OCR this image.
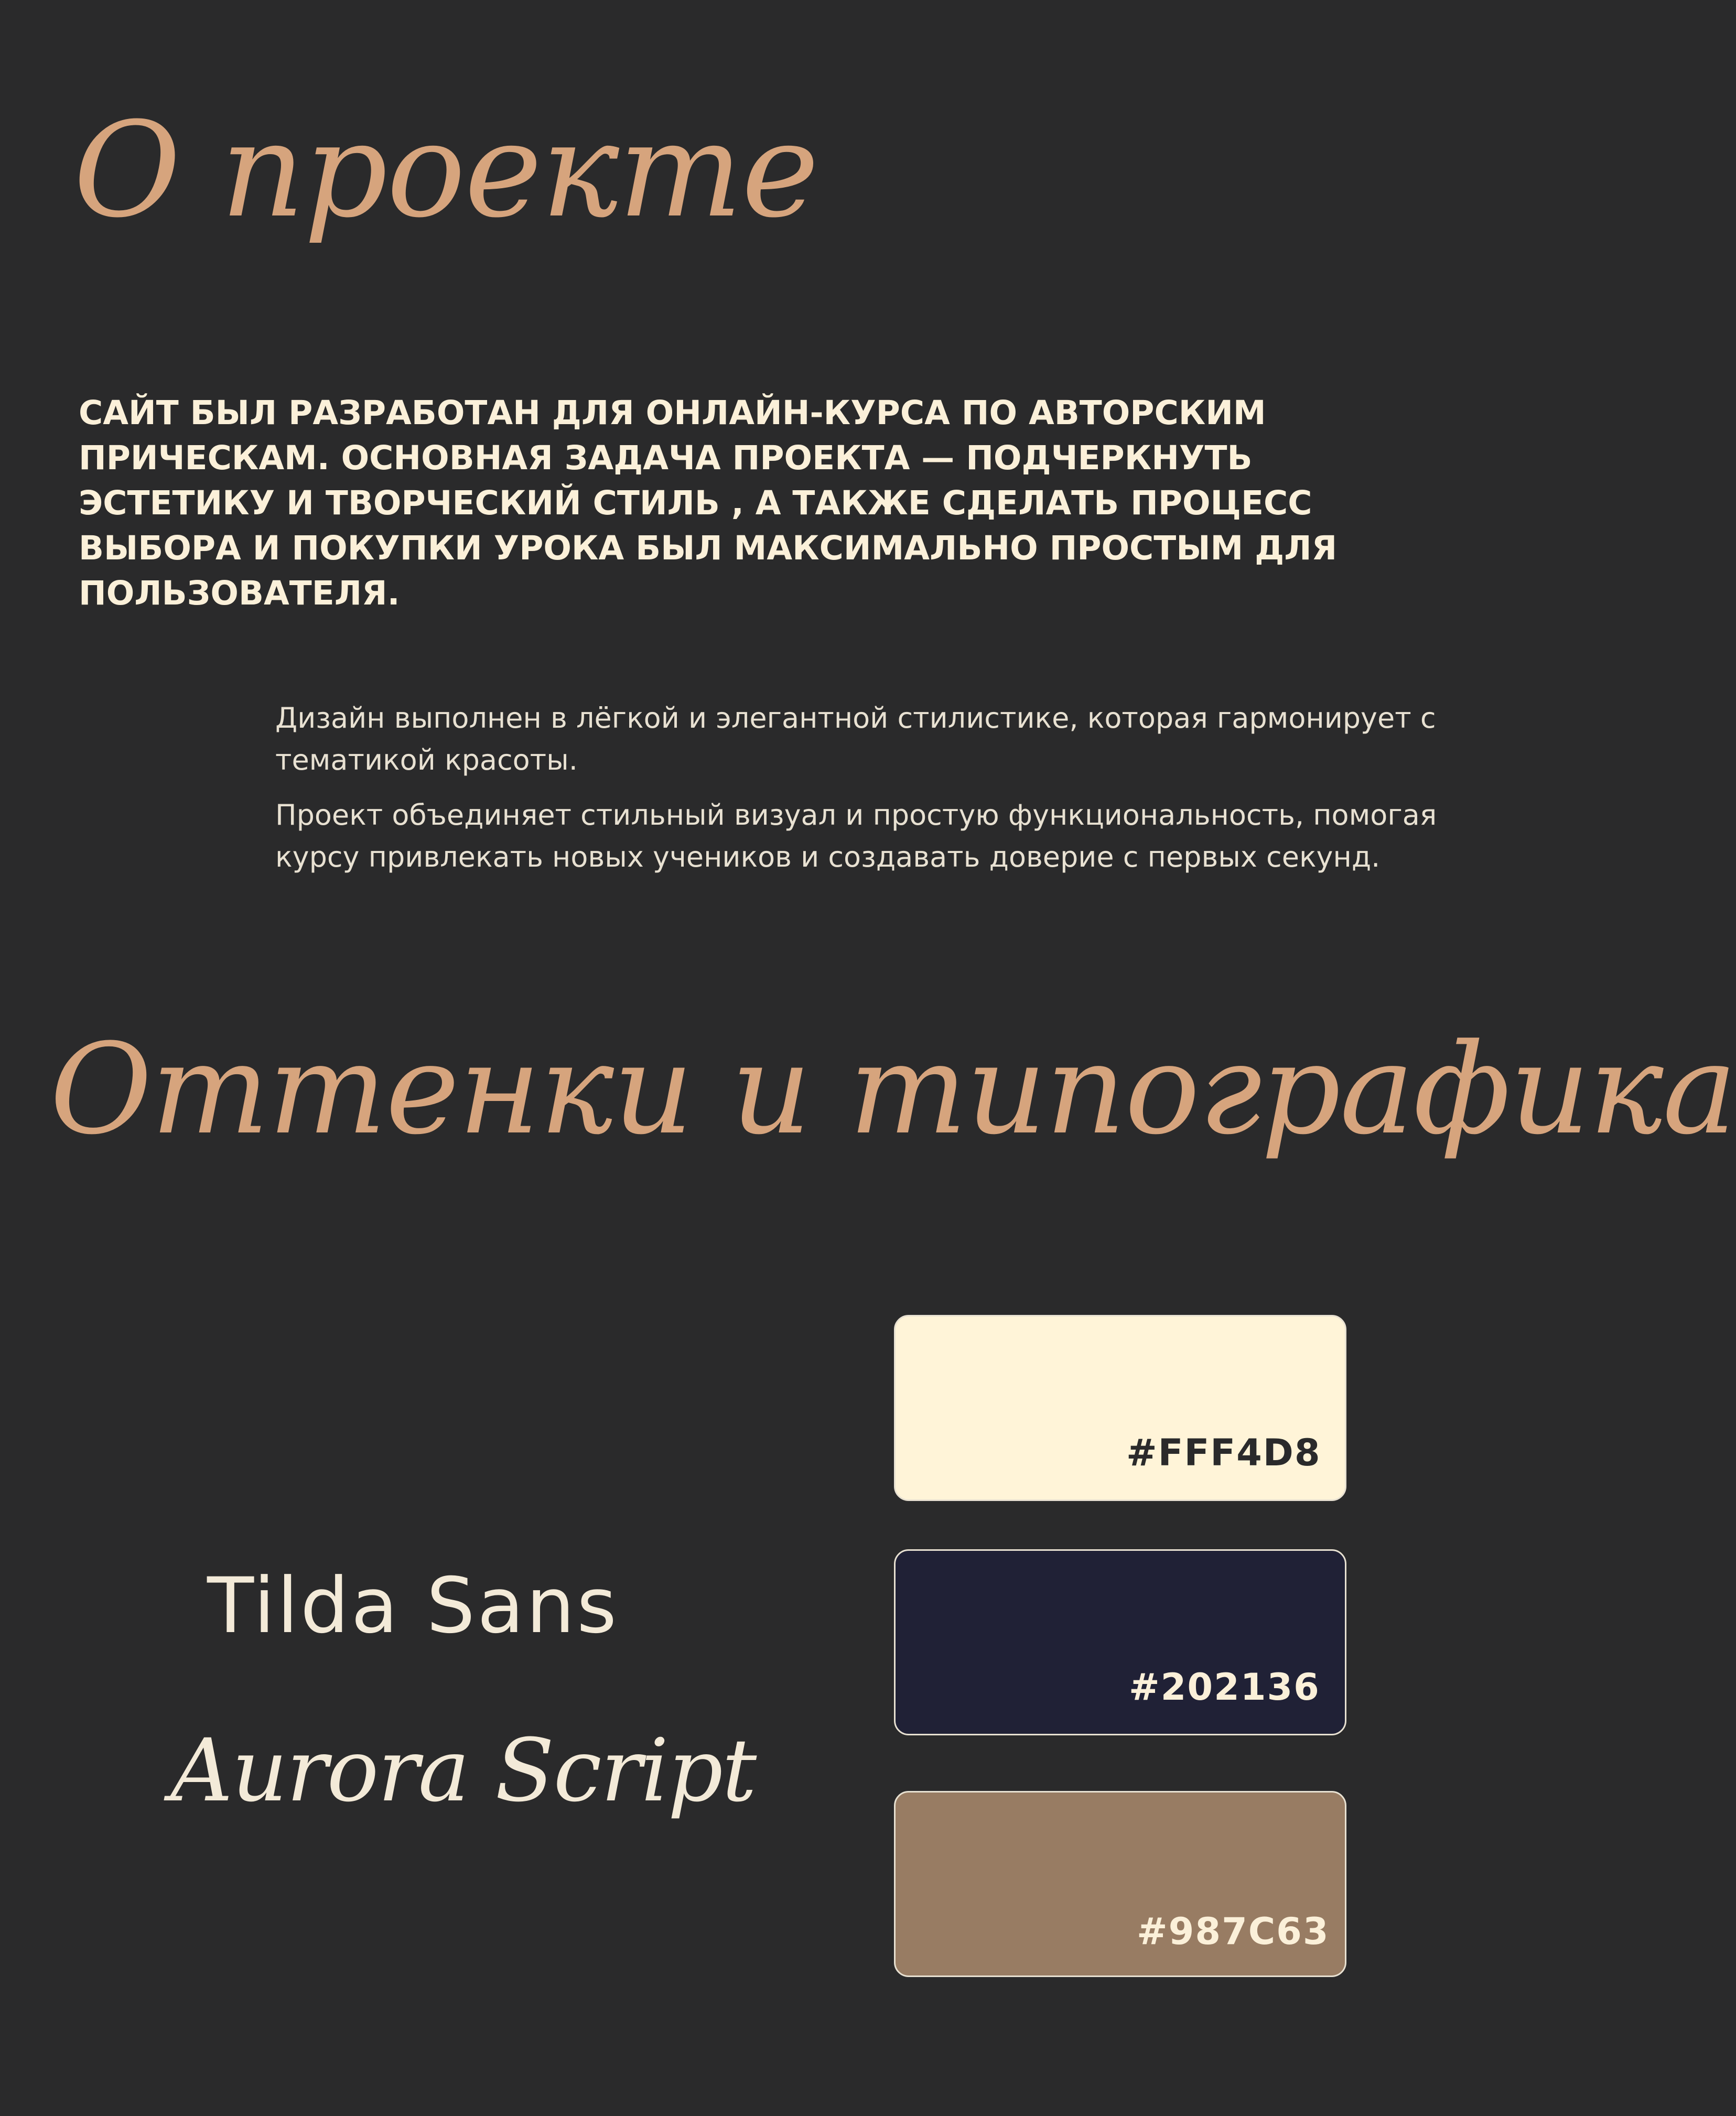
О проекте

САЙТ БЫЛ РАЗРАБОТАН ДЛЯ ОНЛАЙН-КУРСА ПО АВТОРСКИМ ПРИЧЕСКАМ. ОСНОВНАЯ ЗАДАЧА ПРОЕКТА — ПОДЧЕРКНУТЬ ЭСТЕТИКУ И ТВОРЧЕСКИЙ СТИЛЬ , А ТАКЖЕ СДЕЛАТЬ ПРОЦЕСС ВЫБОРА И ПОКУПКИ УРОКА БЫЛ МАКСИМАЛЬНО ПРОСТЫМ ДЛЯ ПОЛЬЗОВАТЕЛЯ.

Дизайн выполнен в лёгкой и элегантной стилистике, которая гармонирует с тематикой красоты.

Проект объединяет стильный визуал и простую функциональность, помогая курсу привлекать новых учеников и создавать доверие с первых секунд.

Оттенки и типографика
Tilda Sans
Aurora Script
#FFF4D8
#202136
#987C63
